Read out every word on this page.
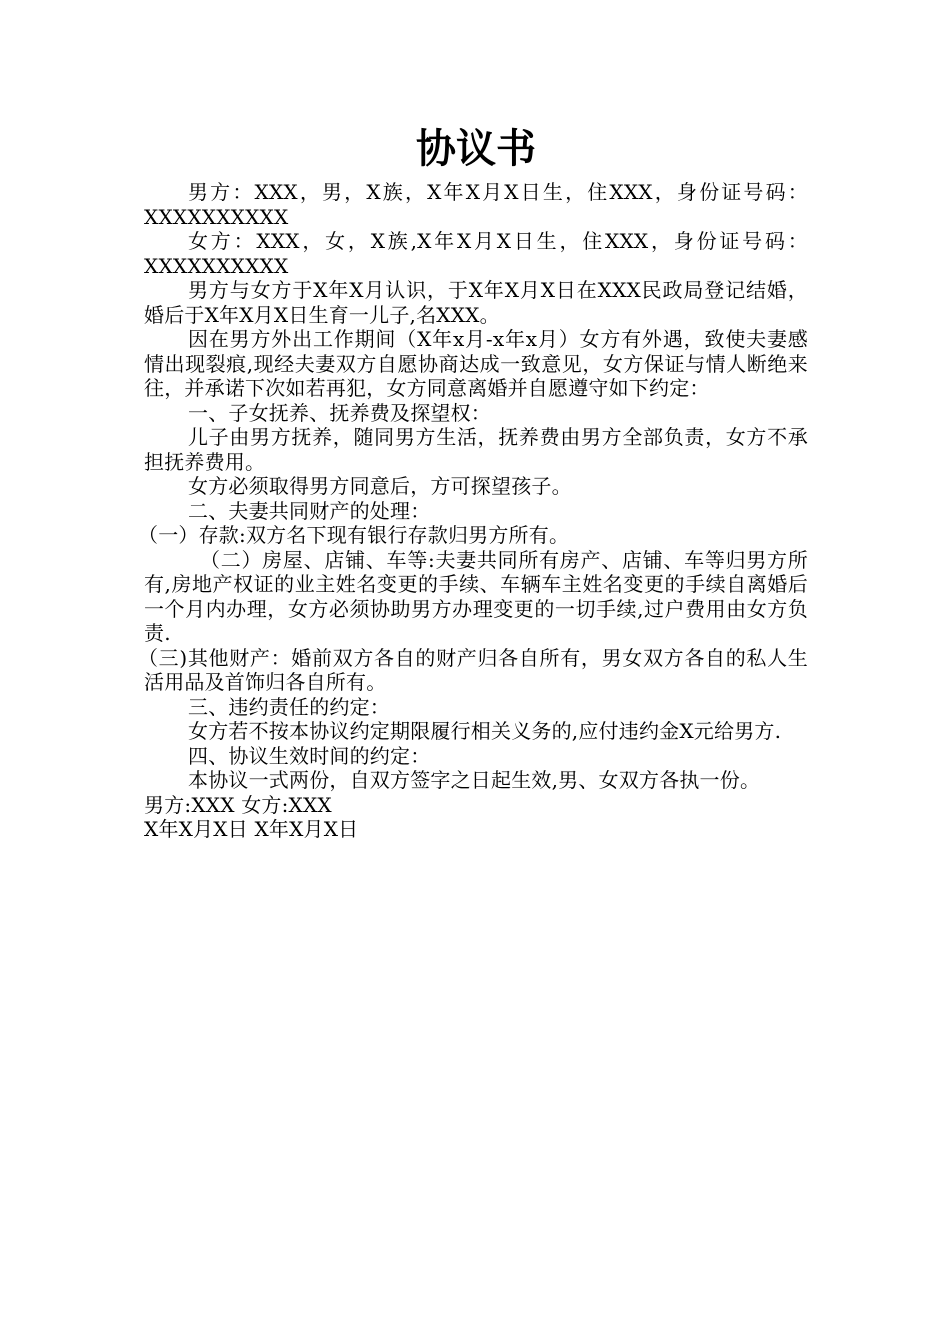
协议书

男方：XXX，男，X族，X年X月X日生，住XXX，身份证号码：XXXXXXXXXX

女方：XXX，女，X族,X年X月X日生，住XXX，身份证号码：XXXXXXXXXX

男方与女方于X年X月认识，于X年X月X日在XXX民政局登记结婚，婚后于X年X月X日生育一儿子,名XXX。

因在男方外出工作期间（X年x月-x年x月）女方有外遇，致使夫妻感情出现裂痕,现经夫妻双方自愿协商达成一致意见，女方保证与情人断绝来往，并承诺下次如若再犯，女方同意离婚并自愿遵守如下约定：

一、子女抚养、抚养费及探望权：

儿子由男方抚养，随同男方生活，抚养费由男方全部负责，女方不承担抚养费用。

女方必须取得男方同意后，方可探望孩子。

二、夫妻共同财产的处理：

（一）存款:双方名下现有银行存款归男方所有。

（二）房屋、店铺、车等:夫妻共同所有房产、店铺、车等归男方所有,房地产权证的业主姓名变更的手续、车辆车主姓名变更的手续自离婚后一个月内办理，女方必须协助男方办理变更的一切手续,过户费用由女方负责.

（三)其他财产：婚前双方各自的财产归各自所有，男女双方各自的私人生活用品及首饰归各自所有。

三、违约责任的约定：

女方若不按本协议约定期限履行相关义务的,应付违约金X元给男方.

四、协议生效时间的约定：

本协议一式两份，自双方签字之日起生效,男、女双方各执一份。

男方:XXX 女方:XXX

X年X月X日 X年X月X日
